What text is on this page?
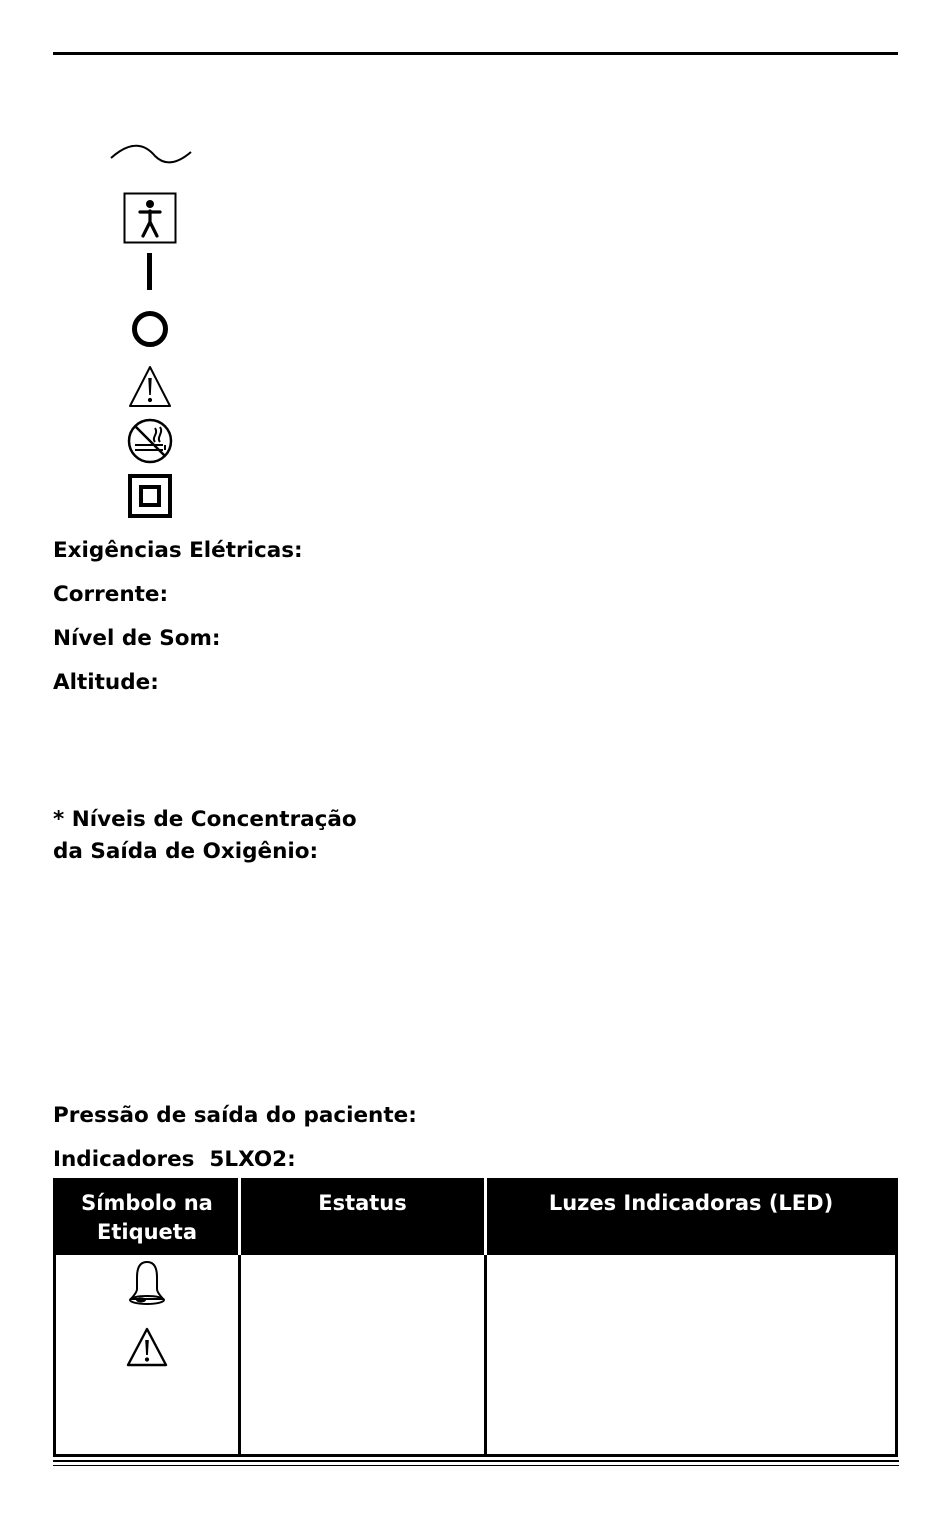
Exigências Elétricas:
Corrente:
Nível de Som:
Altitude:
* Níveis de Concentração
da Saída de Oxigênio:
Pressão de saída do paciente:
Indicadores  5LXO2:
Símbolo na
Etiqueta	Estatus	Luzes Indicadoras (LED)
